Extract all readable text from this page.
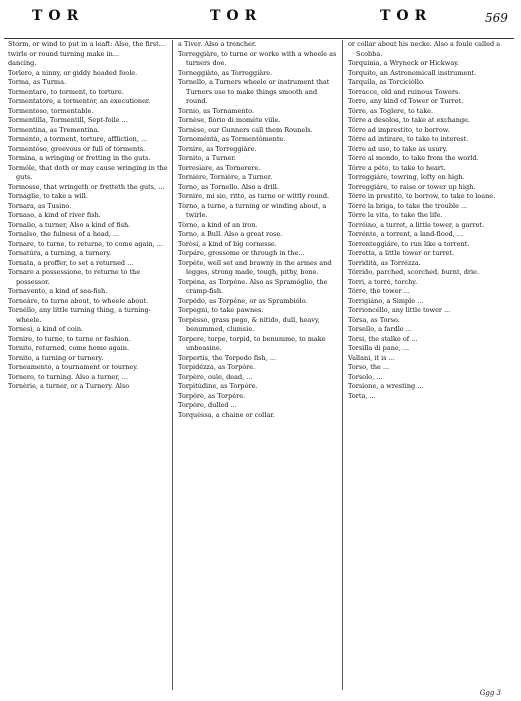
TOR	TOR	TOR	569

Storm, or wind to put in a leaft: Also, the first...

twirle or round turning make in...

dancing.

Torlero, a ninny, or giddy headed foole.

Torma, as Turma.

Tormentare, to torment, to torture.

Tormentatóre, a tormentor, an executioner.

Tormentoso, tormentable.

Tormentilla, Tormentill, Sept-foile ...

Tormentina, as Trementina.

Torménto, a torment, torture, affliction, ...

Tormentóso, greevous or full of torments.

Tormina, a wringing or fretting in the guts.

Tormóle, that doth or may cause wringing in the guts.

Tormosse, that wringeth or fretteth the guts, ...

Tornáglie, to take a will.

Tornara, as Tusino.

Tornaso, a kind of river fish.

Tornalio, a turner, Also a kind of fish.

Tornalso, the fulness of a head, ...

Tornare, to turne, to returne, to come again, ...

Tornatúra, a turning, a turnery.

Tornata, a proffer, to set a returned ...

Tornare a possessione, to returne to the possessor.

Tornavento, a kind of sea-fish.

Torneàre, to turne about, to wheele about.

Tornéllo, any little turning thing, a turning-wheele.

Tornesi, a kind of coin.

Tornire, to turne, to turne or fashion.

Tornito, returned, come home again.

Tornito, a turning or turnery.

Torneamento, a tournament or tourney.

Tornero, to turning. Also a turner, ...

Tornèrie, a turner, or a Turnery. Also

a Tiver. Also a trencher.

Torreggiàre, to turne or worke with a wheele as turners doe.

Torneggiàto, as Torreggiàre.

Tornello, a Turners wheele or instrument that Turners use to make things smooth and round.

Tornio, as Tornamento.

Tornèse, fiòrio di momète viile.

Tornèse, our Gunners call them Rounels.

Tornoméntà, as Tormentòmente.

Tornire, as Torreggiàre.

Tornito, a Turner.

Torresiare, as Tornerere.

Torniére, Tornière, a Turner.

Torno, as Tornello. Also a drill.

Tornire, mi sio, ritto, as turne or wittly round.

Tòrno, a turne, a turning or winding about, a twirle.

Tòrno, a kind of an iron.

Torno, a Bull. Also a great rose.

Toròsi, a kind of big cornesse.

Torpáre, grossome or through in the...

Torpète, well set and brawny in the armes and legges, strong made, tough, pithy, bone.

Torpéna, as Torpéne. Also as Spramóglio, the cramp-fish.

Torpédo, as Torpéne, or as Sprambiólo.

Torpegni, to take pawnes.

Torpèsso, grass pego, & nitido, dull, heavy, benummed, clumsie.

Torpere, torpe, torpid, to benumme, to make unbeasine.

Torpertis, the Torpedo fish, ...

Torpidézza, as Torpóre.

Torpère, oule, dead, ...

Torpitúdine, as Torpóre.

Torpóre, as Torpére.

Torpóre, dulled ...

Torquèssa, a chaine or collar.

or collar about his necke. Also a foule called a Scobba.

Torquinia, a Wryneck or Hickway.

Torquito, an Astronomicall instrument.

Tarquíla, as Torciciòllo.

Torracce, old and ruinous Towers.

Torre, any kind of Tower or Turret.

Tórre, as Tóglere, to take.

Tórre a desoloa, to take at exchange.

Tórre ad imprestito, to borrow.

Tórre ad intirare, to take to interest.

Tórre ad uso, to take as usury.

Tórre al mondo, to take from the world.

Tórre a péto, to take to heart.

Torreggiáre, towring, lofty on high.

Torreggiáre, to raise or tower up high.

Tórre in prestito, to borrow, to take to loane.

Tórre la briga, to take the trouble ...

Tórre la vita, to take the life.

Torréino, a turret, a little tower, a garret.

Torrénte, a torrent, a land-flood, ...

Torrenteggiáre, to run like a torrent.

Torretta, a little tower or turret.

Torridità, as Torrézza.

Tórrido, parched, scorched, burnt, drie.

Torri, a torré, torchy.

Tórre, the tower ...

Torrigiáno, a Simple ...

Torrioncéllo, any little tower ...

Tòrsa, as Torso.

Torsello, a fardle ...

Torsi, the stalke of ...

Torsilla di pane, ...

Vallani, it is ...

Torso, the ...

Torsolo, ...

Torsione, a wresting ...

Torta, ...

Ggg 3
